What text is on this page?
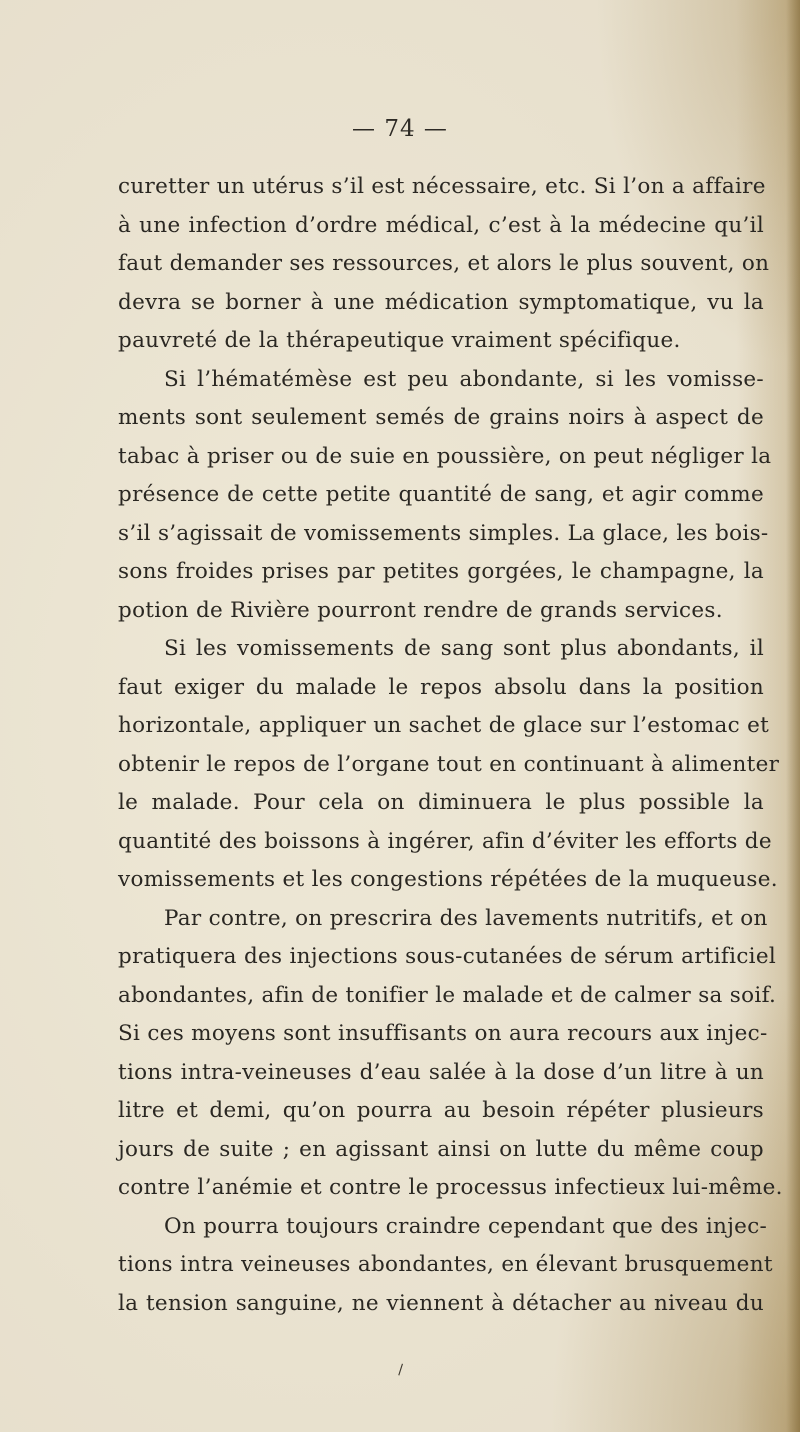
— 74 —
curetter un utérus s’il est nécessaire, etc. Si l’on a affaire
à une infection d’ordre médical, c’est à la médecine qu’il
faut demander ses ressources, et alors le plus souvent, on
devra se borner à une médication symptomatique, vu la
pauvreté de la thérapeutique vraiment spécifique.
Si l’hématémèse est peu abondante, si les vomisse-
ments sont seulement semés de grains noirs à aspect de
tabac à priser ou de suie en poussière, on peut négliger la
présence de cette petite quantité de sang, et agir comme
s’il s’agissait de vomissements simples. La glace, les bois-
sons froides prises par petites gorgées, le champagne, la
potion de Rivière pourront rendre de grands services.
Si les vomissements de sang sont plus abondants, il
faut exiger du malade le repos absolu dans la position
horizontale, appliquer un sachet de glace sur l’estomac et
obtenir le repos de l’organe tout en continuant à alimenter
le malade. Pour cela on diminuera le plus possible la
quantité des boissons à ingérer, afin d’éviter les efforts de
vomissements et les congestions répétées de la muqueuse.
Par contre, on prescrira des lavements nutritifs, et on
pratiquera des injections sous-cutanées de sérum artificiel
abondantes, afin de tonifier le malade et de calmer sa soif.
Si ces moyens sont insuffisants on aura recours aux injec-
tions intra-veineuses d’eau salée à la dose d’un litre à un
litre et demi, qu’on pourra au besoin répéter plusieurs
jours de suite ; en agissant ainsi on lutte du même coup
contre l’anémie et contre le processus infectieux lui-même.
On pourra toujours craindre cependant que des injec-
tions intra veineuses abondantes, en élevant brusquement
la tension sanguine, ne viennent à détacher au niveau du
\
